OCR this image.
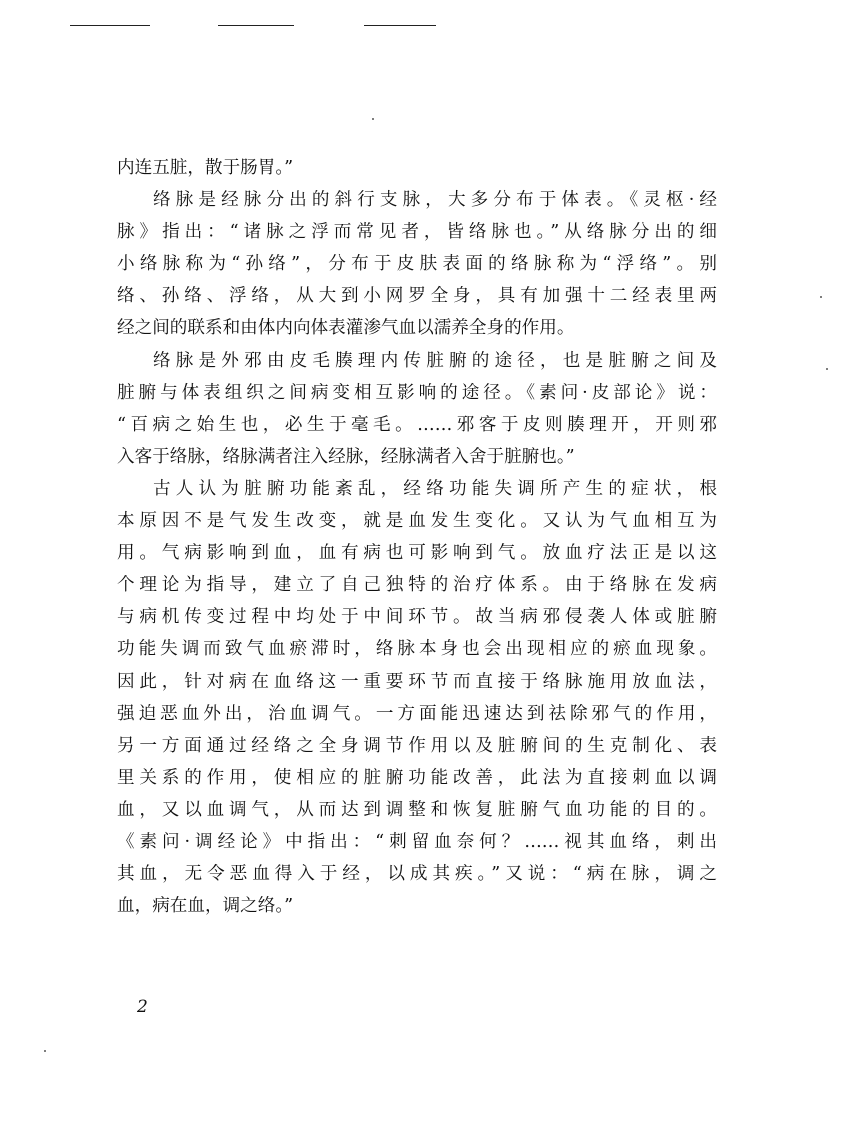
内连五脏，散于肠胃。”
络脉是经脉分出的斜行支脉，大多分布于体表。《灵枢·经
脉》指出：“诸脉之浮而常见者，皆络脉也。”从络脉分出的细
小络脉称为“孙络”，分布于皮肤表面的络脉称为“浮络”。别
络、孙络、浮络，从大到小网罗全身，具有加强十二经表里两
经之间的联系和由体内向体表灌渗气血以濡养全身的作用。
络脉是外邪由皮毛腠理内传脏腑的途径，也是脏腑之间及
脏腑与体表组织之间病变相互影响的途径。《素问·皮部论》说：
“百病之始生也，必生于毫毛。……邪客于皮则腠理开，开则邪
入客于络脉，络脉满者注入经脉，经脉满者入舍于脏腑也。”
古人认为脏腑功能紊乱，经络功能失调所产生的症状，根
本原因不是气发生改变，就是血发生变化。又认为气血相互为
用。气病影响到血，血有病也可影响到气。放血疗法正是以这
个理论为指导，建立了自己独特的治疗体系。由于络脉在发病
与病机传变过程中均处于中间环节。故当病邪侵袭人体或脏腑
功能失调而致气血瘀滞时，络脉本身也会出现相应的瘀血现象。
因此，针对病在血络这一重要环节而直接于络脉施用放血法，
强迫恶血外出，治血调气。一方面能迅速达到祛除邪气的作用，
另一方面通过经络之全身调节作用以及脏腑间的生克制化、表
里关系的作用，使相应的脏腑功能改善，此法为直接刺血以调
血，又以血调气，从而达到调整和恢复脏腑气血功能的目的。
《素问·调经论》中指出：“刺留血奈何？……视其血络，刺出
其血，无令恶血得入于经，以成其疾。”又说：“病在脉，调之
血，病在血，调之络。”
2
